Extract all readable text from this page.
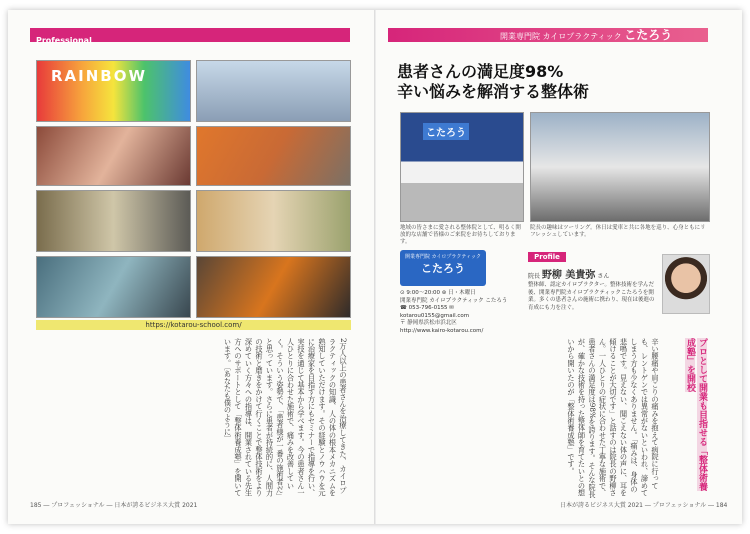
Professional	開業専門院 カイロプラクティック こたろう
RAINBOW
https://kotarou-school.com/
患者さんの満足度98%
辛い悩みを解消する整体術
こたろう
地域の皆さまに愛される整体院として、明るく開放的な店舗で皆様のご来院をお待ちしております。
院長の趣味はツーリング。休日は愛車と共に各地を巡り、心身ともにリフレッシュしています。
開業専門院 カイロプラクティック
こたろう
⊙ 9:00〜20:00 ⊛ 日・木曜日
開業専門院 カイロプラクティック こたろう
☎ 053-796-0155 ✉ kotarou0155@gmail.com
〒 静岡県浜松市浜北区
http://www.kairo-kotarou.com/
Profile
院長 野柳 美貴弥 さん
整体師、認定カイロプラクター。整体技術を学んだ後、開業専門院カイロプラクティックこたろうを開業。多くの患者さんの施術に携わり、現在は後進の育成にも力を注ぐ。
2万人以上の患者さんを治療してきた、カイロプラクティックの知識、人の体の根本メカニズムを熟知していただけます。その経験とノウハウを元に治療家を目指す方にもセミナーで指導を行い、実技を通じて基本から学べます。今の患者さん一人ひとりに合わせた施術で、痛みを改善していく。そういう姿勢で、「患者様が一番の施術者だ」と思っています。さらに患者が持続的に、人間力の技術と磨きをかけて行くことで整体技術をより深めていく方々への指導は、開業されている先生方へのサポートとして「整体術養成塾」を開いています。〔あなたも僕のように〕	辛い腰痛や肩こりの痛みを抱えて病院に行っても、レントゲンでは異常がないといわれ、諦めてしまう方も少なくありません。「痛みは、身体の悲鳴です。見えない、聞こえない体の声に、耳を傾けることが大切です」と話すのは院長の野柳さん。一人ひとりの症状に合わせた丁寧な施術で、患者さんの満足度は98%を誇ります。そんな院長が、確かな技術を持った整体師を育てたいとの想いから開いたのが「整体術養成塾」です。	プロとして開業も目指せる「整体術養成塾」を開校
185 ― プロフェッショナル ― 日本が誇るビジネス大賞 2021	日本が誇るビジネス大賞 2021 ― プロフェッショナル ― 184
